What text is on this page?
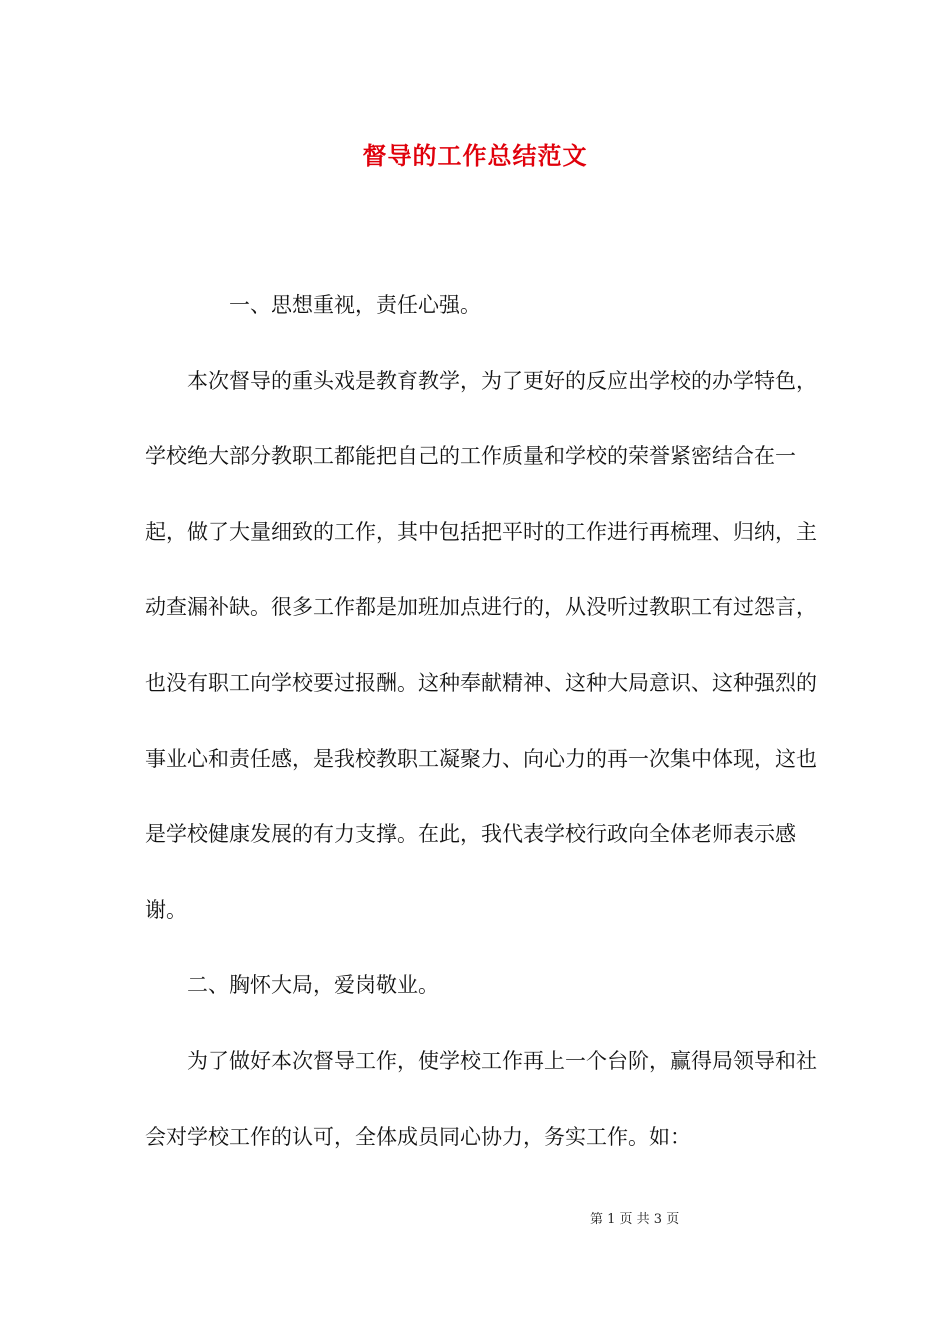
督导的工作总结范文

一、思想重视，责任心强。

本次督导的重头戏是教育教学，为了更好的反应出学校的办学特色，学校绝大部分教职工都能把自己的工作质量和学校的荣誉紧密结合在一起，做了大量细致的工作，其中包括把平时的工作进行再梳理、归纳，主动查漏补缺。很多工作都是加班加点进行的，从没听过教职工有过怨言，也没有职工向学校要过报酬。这种奉献精神、这种大局意识、这种强烈的事业心和责任感，是我校教职工凝聚力、向心力的再一次集中体现，这也是学校健康发展的有力支撑。在此，我代表学校行政向全体老师表示感谢。

二、胸怀大局，爱岗敬业。

为了做好本次督导工作，使学校工作再上一个台阶，赢得局领导和社会对学校工作的认可，全体成员同心协力，务实工作。如：

第 1 页 共 3 页
